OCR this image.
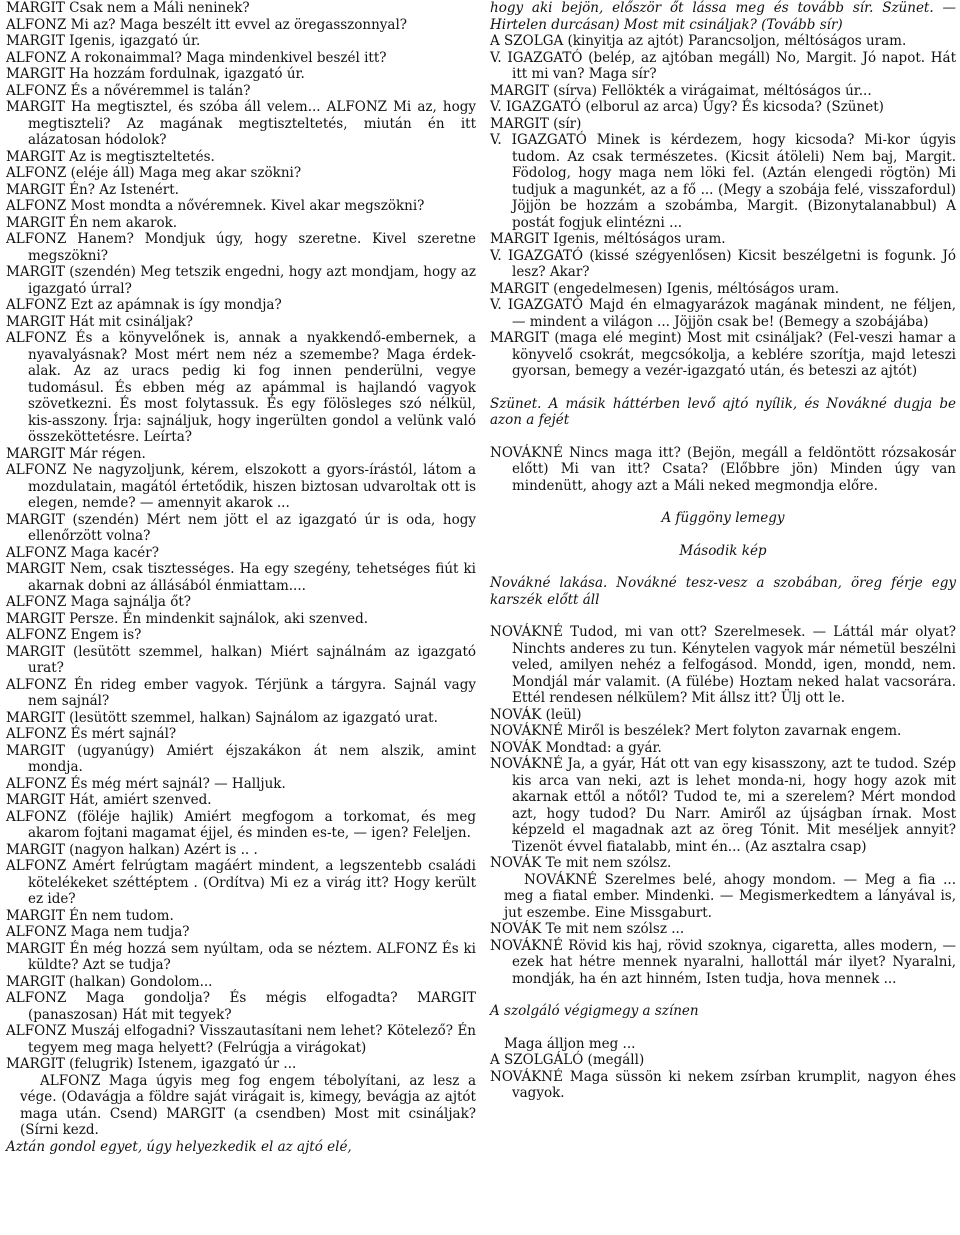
MARGIT Csak nem a Máli neninek?

ALFONZ Mi az? Maga beszélt itt evvel az öregasszonnyal?

MARGIT Igenis, igazgató úr.

ALFONZ A rokonaimmal? Maga mindenkivel beszél itt?

MARGIT Ha hozzám fordulnak, igazgató úr.

ALFONZ És a nővéremmel is talán?

MARGIT Ha megtisztel, és szóba áll velem... ALFONZ Mi az, hogy megtiszteli? Az magának megtiszteltetés, miután én itt alázatosan hódolok?

MARGIT Az is megtiszteltetés.

ALFONZ (eléje áll) Maga meg akar szökni?

MARGIT Én? Az Istenért.

ALFONZ Most mondta a nővéremnek. Kivel akar megszökni?

MARGIT Én nem akarok.

ALFONZ Hanem? Mondjuk úgy, hogy szeretne. Kivel szeretne megszökni?

MARGIT (szendén) Meg tetszik engedni, hogy azt mondjam, hogy az igazgató úrral?

ALFONZ Ezt az apámnak is így mondja?

MARGIT Hát mit csináljak?

ALFONZ És a könyvelőnek is, annak a nyakkendő-embernek, a nyavalyásnak? Most mért nem néz a szemembe? Maga érdek-alak. Az az uracs pedig ki fog innen penderülni, vegye tudomásul. És ebben még az apámmal is hajlandó vagyok szövetkezni. És most folytassuk. És egy fölösleges szó nélkül, kis-asszony. Írja: sajnáljuk, hogy ingerülten gondol a velünk való összeköttetésre. Leírta?

MARGIT Már régen.

ALFONZ Ne nagyzoljunk, kérem, elszokott a gyors-írástól, látom a mozdulatain, magától értetődik, hiszen biztosan udvaroltak ott is elegen, nemde? — amennyit akarok ...

MARGIT (szendén) Mért nem jött el az igazgató úr is oda, hogy ellenőrzött volna?

ALFONZ Maga kacér?

MARGIT Nem, csak tisztességes. Ha egy szegény, tehetséges fiút ki akarnak dobni az állásából énmiattam....

ALFONZ Maga sajnálja őt?

MARGIT Persze. Én mindenkit sajnálok, aki szenved.

ALFONZ Engem is?

MARGIT (lesütött szemmel, halkan) Miért sajnálnám az igazgató urat?

ALFONZ Én rideg ember vagyok. Térjünk a tárgyra. Sajnál vagy nem sajnál?

MARGIT (lesütött szemmel, halkan) Sajnálom az igazgató urat.

ALFONZ És mért sajnál?

MARGIT (ugyanúgy) Amiért éjszakákon át nem alszik, amint mondja.

ALFONZ És még mért sajnál? — Halljuk.

MARGIT Hát, amiért szenved.

ALFONZ (föléje hajlik) Amiért megfogom a torkomat, és meg akarom fojtani magamat éjjel, és minden es-te, — igen? Feleljen.

MARGIT (nagyon halkan) Azért is .. .

ALFONZ Amért felrúgtam magáért mindent, a legszentebb családi kötelékeket széttéptem . (Ordítva) Mi ez a virág itt? Hogy került ez ide?

MARGIT Én nem tudom.

ALFONZ Maga nem tudja?

MARGIT Én még hozzá sem nyúltam, oda se néztem. ALFONZ És ki küldte? Azt se tudja?

MARGIT (halkan) Gondolom...

ALFONZ Maga gondolja? És mégis elfogadta? MARGIT (panaszosan) Hát mit tegyek?

ALFONZ Muszáj elfogadni? Visszautasítani nem lehet? Kötelező? Én tegyem meg maga helyett? (Felrúgja a virágokat)

MARGIT (felugrik) Istenem, igazgató úr ...

ALFONZ Maga úgyis meg fog engem tébolyítani, az lesz a vége. (Odavágja a földre saját virágait is, kimegy, bevágja az ajtót maga után. Csend) MARGIT (a csendben) Most mit csináljak? (Sírni kezd.

Aztán gondol egyet, úgy helyezkedik el az ajtó elé,

hogy aki bejön, először őt lássa meg és tovább sír. Szünet. — Hirtelen durcásan) Most mit csináljak? (Tovább sír)

A SZOLGA (kinyitja az ajtót) Parancsoljon, méltóságos uram.

V. IGAZGATÓ (belép, az ajtóban megáll) No, Margit. Jó napot. Hát itt mi van? Maga sír?

MARGIT (sírva) Fellökték a virágaimat, méltóságos úr...

V. IGAZGATÓ (elborul az arca) Úgy? És kicsoda? (Szünet)

MARGIT (sír)

V. IGAZGATÓ Minek is kérdezem, hogy kicsoda? Mi-kor úgyis tudom. Az csak természetes. (Kicsit átöleli) Nem baj, Margit. Födolog, hogy maga nem löki fel. (Aztán elengedi rögtön) Mi tudjuk a magunkét, az a fő ... (Megy a szobája felé, visszafordul) Jöjjön be hozzám a szobámba, Margit. (Bizonytalanabbul) A postát fogjuk elintézni ...

MARGIT Igenis, méltóságos uram.

V. IGAZGATÓ (kissé szégyenlősen) Kicsit beszélgetni is fogunk. Jó lesz? Akar?

MARGIT (engedelmesen) Igenis, méltóságos uram.

V. IGAZGATÓ Majd én elmagyarázok magának mindent, ne féljen, — mindent a világon ... Jöjjön csak be! (Bemegy a szobájába)

MARGIT (maga elé megint) Most mit csináljak? (Fel-veszi hamar a könyvelő csokrát, megcsókolja, a keblére szorítja, majd leteszi gyorsan, bemegy a vezér-igazgató után, és beteszi az ajtót)

Szünet. A másik háttérben levő ajtó nyílik, és Novákné dugja be azon a fejét

NOVÁKNÉ Nincs maga itt? (Bejön, megáll a feldöntött rózsakosár előtt) Mi van itt? Csata? (Előbbre jön) Minden úgy van mindenütt, ahogy azt a Máli neked megmondja előre.

A függöny lemegy

Második kép

Novákné lakása. Novákné tesz-vesz a szobában, öreg férje egy karszék előtt áll

NOVÁKNÉ Tudod, mi van ott? Szerelmesek. — Láttál már olyat? Ninchts anderes zu tun. Kénytelen vagyok már németül beszélni veled, amilyen nehéz a felfogásod. Mondd, igen, mondd, nem. Mondjál már valamit. (A fülébe) Hoztam neked halat vacsorára. Ettél rendesen nélkülem? Mit állsz itt? Ülj ott le.

NOVÁK (leül)

NOVÁKNÉ Miről is beszélek? Mert folyton zavarnak engem.

NOVÁK Mondtad: a gyár.

NOVÁKNÉ Ja, a gyár, Hát ott van egy kisasszony, azt te tudod. Szép kis arca van neki, azt is lehet monda-ni, hogy hogy azok mit akarnak ettől a nőtől? Tudod te, mi a szerelem? Mért mondod azt, hogy tudod? Du Narr. Amiről az újságban írnak. Most képzeld el magadnak azt az öreg Tónit. Mit meséljek annyit? Tizenöt évvel fiatalabb, mint én... (Az asztalra csap)

NOVÁK Te mit nem szólsz.

NOVÁKNÉ Szerelmes belé, ahogy mondom. — Meg a fia ... meg a fiatal ember. Mindenki. — Megismerkedtem a lányával is, jut eszembe. Eine Missgaburt.

NOVÁK Te mit nem szólsz ...

NOVÁKNÉ Rövid kis haj, rövid szoknya, cigaretta, alles modern, — ezek hat hétre mennek nyaralni, hallottál már ilyet? Nyaralni, mondják, ha én azt hinném, Isten tudja, hova mennek ...

A szolgáló végigmegy a színen

Maga álljon meg ...

A SZOLGÁLÓ (megáll)

NOVÁKNÉ Maga süssön ki nekem zsírban krumplit, nagyon éhes vagyok.
